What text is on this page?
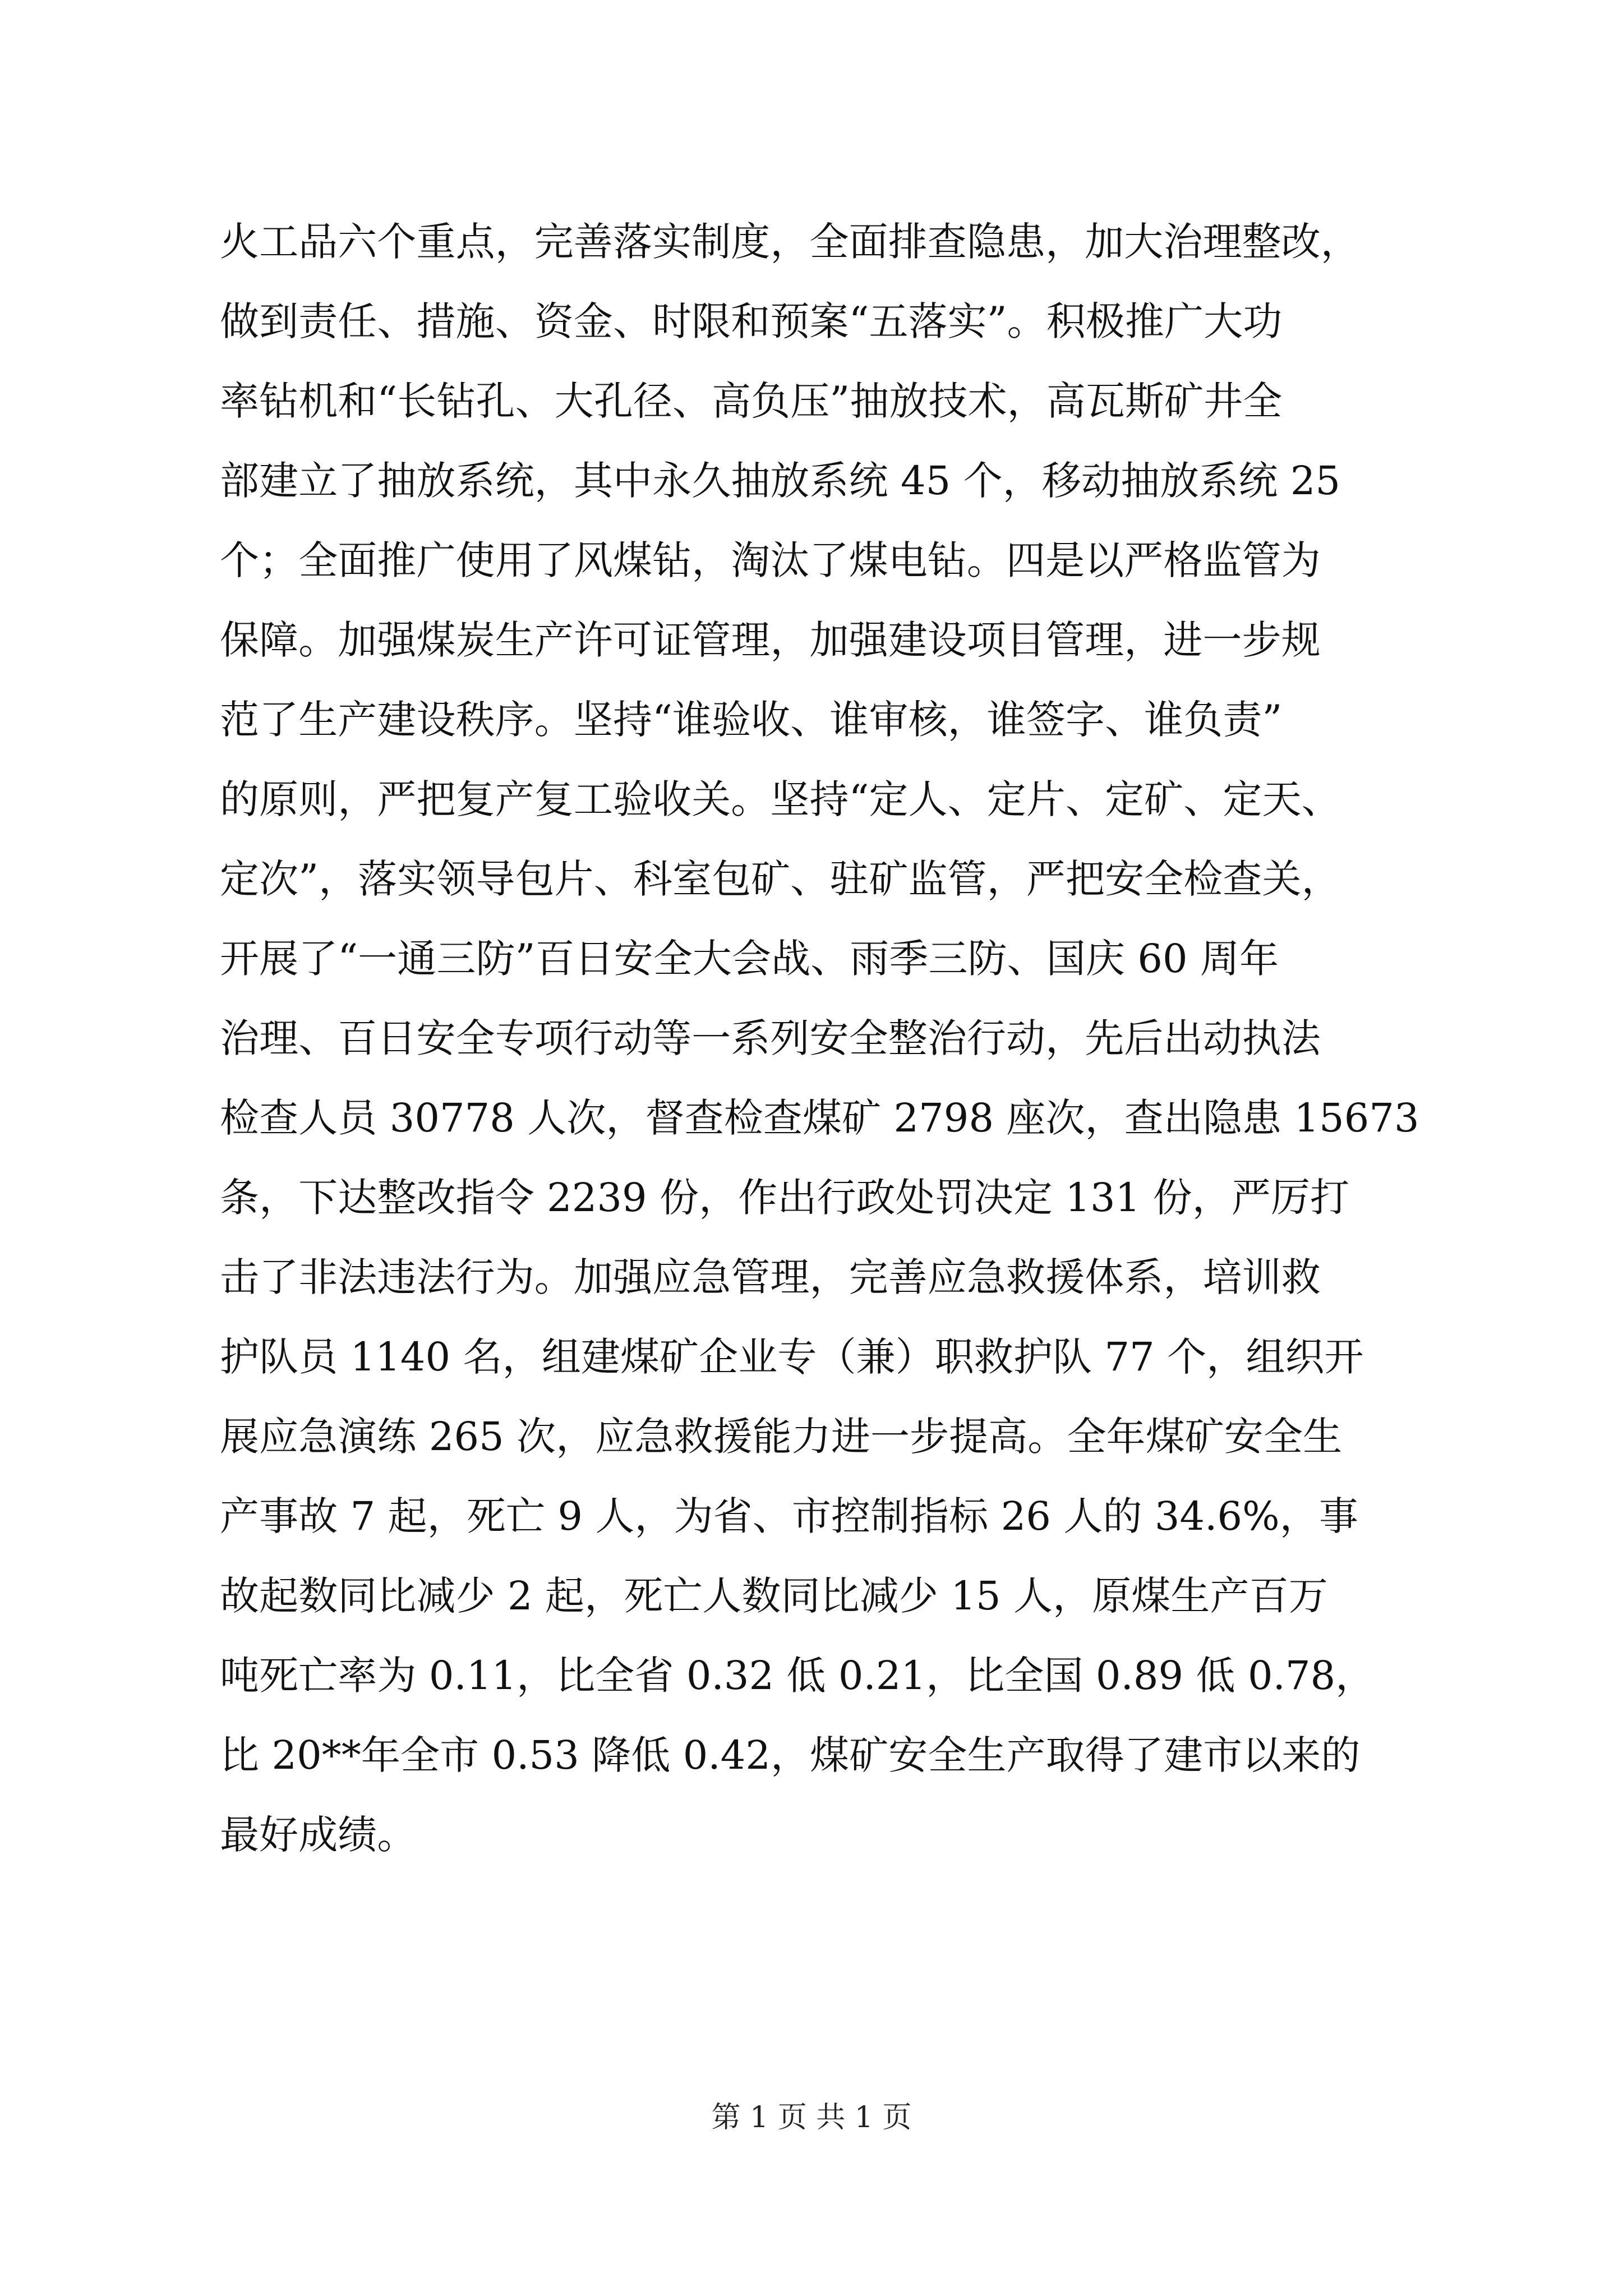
火工品六个重点，完善落实制度，全面排查隐患，加大治理整改，
做到责任、措施、资金、时限和预案“五落实”。积极推广大功
率钻机和“长钻孔、大孔径、高负压”抽放技术，高瓦斯矿井全
部建立了抽放系统，其中永久抽放系统 45 个，移动抽放系统 25
个；全面推广使用了风煤钻，淘汰了煤电钻。四是以严格监管为
保障。加强煤炭生产许可证管理，加强建设项目管理，进一步规
范了生产建设秩序。坚持“谁验收、谁审核，谁签字、谁负责”
的原则，严把复产复工验收关。坚持“定人、定片、定矿、定天、
定次”，落实领导包片、科室包矿、驻矿监管，严把安全检查关，
开展了“一通三防”百日安全大会战、雨季三防、国庆 60 周年
治理、百日安全专项行动等一系列安全整治行动，先后出动执法
检查人员 30778 人次，督查检查煤矿 2798 座次，查出隐患 15673
条，下达整改指令 2239 份，作出行政处罚决定 131 份，严厉打
击了非法违法行为。加强应急管理，完善应急救援体系，培训救
护队员 1140 名，组建煤矿企业专（兼）职救护队 77 个，组织开
展应急演练 265 次，应急救援能力进一步提高。全年煤矿安全生
产事故 7 起，死亡 9 人，为省、市控制指标 26 人的 34.6%，事
故起数同比减少 2 起，死亡人数同比减少 15 人，原煤生产百万
吨死亡率为 0.11，比全省 0.32 低 0.21，比全国 0.89 低 0.78，
比 20**年全市 0.53 降低 0.42，煤矿安全生产取得了建市以来的
最好成绩。
第 1 页 共 1 页
